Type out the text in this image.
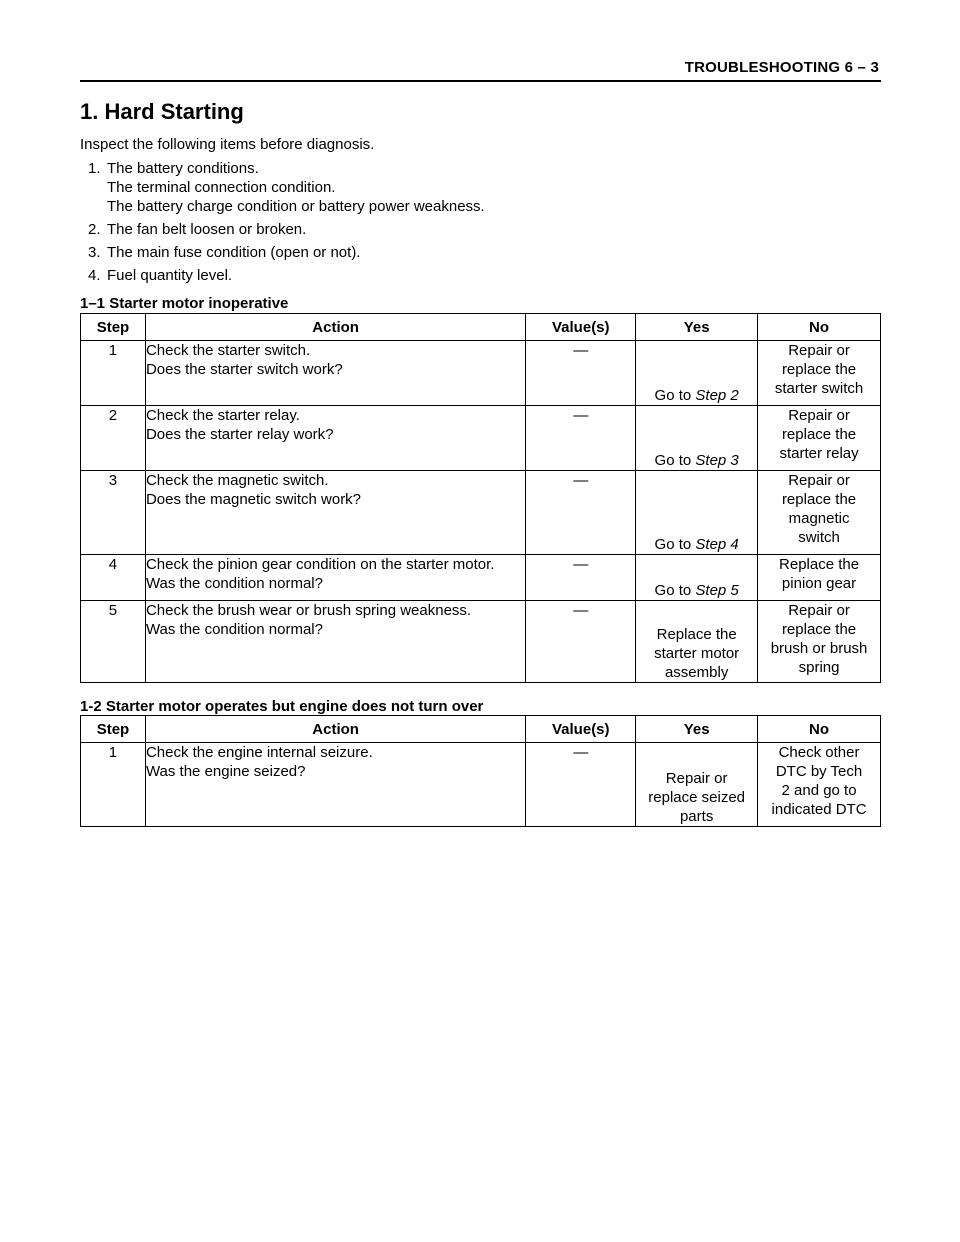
TROUBLESHOOTING 6 – 3
1. Hard Starting
Inspect the following items before diagnosis.
1. The battery conditions.
The terminal connection condition.
The battery charge condition or battery power weakness.
2. The fan belt loosen or broken.
3. The main fuse condition (open or not).
4. Fuel quantity level.
1–1 Starter motor inoperative
Step	Action	Value(s)	Yes	No
1	Check the starter switch.
Does the starter switch work?	—	Go to Step 2	Repair or
replace the
starter switch
2	Check the starter relay.
Does the starter relay work?	—	Go to Step 3	Repair or
replace the
starter relay
3	Check the magnetic switch.
Does the magnetic switch work?	—	Go to Step 4	Repair or
replace the
magnetic
switch
4	Check the pinion gear condition on the starter motor.
Was the condition normal?	—	Go to Step 5	Replace the
pinion gear
5	Check the brush wear or brush spring weakness.
Was the condition normal?	—	Replace the
starter motor
assembly	Repair or
replace the
brush or brush
spring
1-2 Starter motor operates but engine does not turn over
Step	Action	Value(s)	Yes	No
1	Check the engine internal seizure.
Was the engine seized?	—	Repair or
replace seized
parts	Check other
DTC by Tech
2 and go to
indicated DTC
